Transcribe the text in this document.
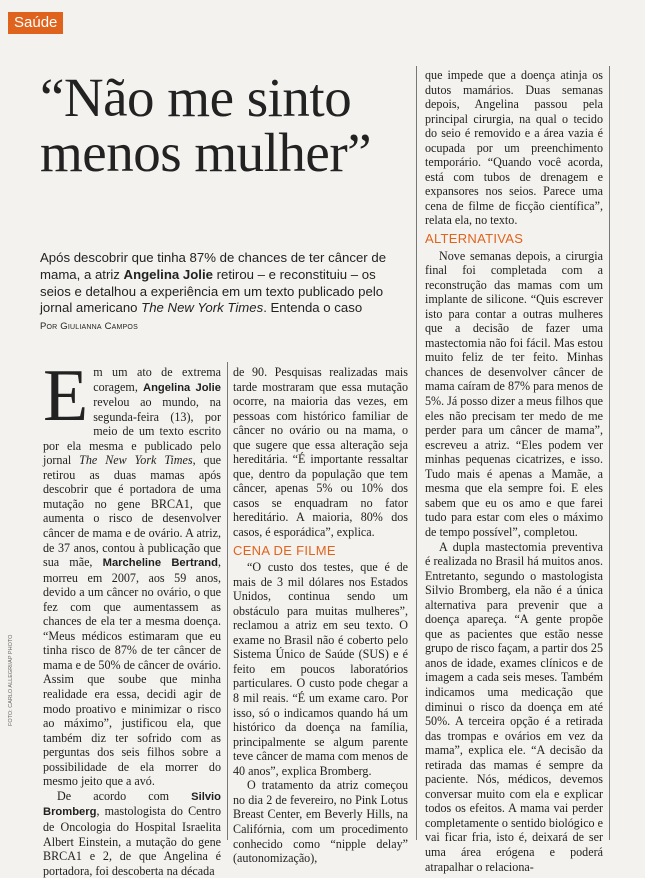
Saúde
“Não me sinto menos mulher”

Após descobrir que tinha 87% de chances de ter câncer de mama, a atriz Angelina Jolie retirou – e reconstituiu – os seios e detalhou a experiência em um texto publicado pelo jornal americano The New York Times. Entenda o caso
Por Giulianna Campos

Em um ato de extrema coragem, Angelina Jolie revelou ao mundo, na segunda-feira (13), por meio de um texto escrito por ela mesma e publicado pelo jornal The New York Times, que retirou as duas mamas após descobrir que é portadora de uma mutação no gene BRCA1, que aumenta o risco de desenvolver câncer de mama e de ovário. A atriz, de 37 anos, contou à publicação que sua mãe, Marcheline Bertrand, morreu em 2007, aos 59 anos, devido a um câncer no ovário, o que fez com que aumentassem as chances de ela ter a mesma doença. “Meus médicos estimaram que eu tinha risco de 87% de ter câncer de mama e de 50% de câncer de ovário. Assim que soube que minha realidade era essa, decidi agir de modo proativo e minimizar o risco ao máximo”, justificou ela, que também diz ter sofrido com as perguntas dos seis filhos sobre a possibilidade de ela morrer do mesmo jeito que a avó.

De acordo com Silvio Bromberg, mastologista do Centro de Oncologia do Hospital Israelita Albert Einstein, a mutação do gene BRCA1 e 2, de que Angelina é portadora, foi descoberta na década

de 90. Pesquisas realizadas mais tarde mostraram que essa mutação ocorre, na maioria das vezes, em pessoas com histórico familiar de câncer no ovário ou na mama, o que sugere que essa alteração seja hereditária. “É importante ressaltar que, dentro da população que tem câncer, apenas 5% ou 10% dos casos se enquadram no fator hereditário. A maioria, 80% dos casos, é esporádica”, explica.

CENA DE FILME

“O custo dos testes, que é de mais de 3 mil dólares nos Estados Unidos, continua sendo um obstáculo para muitas mulheres”, reclamou a atriz em seu texto. O exame no Brasil não é coberto pelo Sistema Único de Saúde (SUS) e é feito em poucos laboratórios particulares. O custo pode chegar a 8 mil reais. “É um exame caro. Por isso, só o indicamos quando há um histórico da doença na família, principalmente se algum parente teve câncer de mama com menos de 40 anos”, explica Bromberg.

O tratamento da atriz começou no dia 2 de fevereiro, no Pink Lotus Breast Center, em Beverly Hills, na Califórnia, com um procedimento conhecido como “nipple delay” (autonomização),

que impede que a doença atinja os dutos mamários. Duas semanas depois, Angelina passou pela principal cirurgia, na qual o tecido do seio é removido e a área vazia é ocupada por um preenchimento temporário. “Quando você acorda, está com tubos de drenagem e expansores nos seios. Parece uma cena de filme de ficção científica”, relata ela, no texto.

ALTERNATIVAS

Nove semanas depois, a cirurgia final foi completada com a reconstrução das mamas com um implante de silicone. “Quis escrever isto para contar a outras mulheres que a decisão de fazer uma mastectomia não foi fácil. Mas estou muito feliz de ter feito. Minhas chances de desenvolver câncer de mama caíram de 87% para menos de 5%. Já posso dizer a meus filhos que eles não precisam ter medo de me perder para um câncer de mama”, escreveu a atriz. “Eles podem ver minhas pequenas cicatrizes, e isso. Tudo mais é apenas a Mamãe, a mesma que ela sempre foi. E eles sabem que eu os amo e que farei tudo para estar com eles o máximo de tempo possível”, completou.

A dupla mastectomia preventiva é realizada no Brasil há muitos anos. Entretanto, segundo o mastologista Silvio Bromberg, ela não é a única alternativa para prevenir que a doença apareça. “A gente propõe que as pacientes que estão nesse grupo de risco façam, a partir dos 25 anos de idade, exames clínicos e de imagem a cada seis meses. Também indicamos uma medicação que diminui o risco da doença em até 50%. A terceira opção é a retirada das trompas e ovários em vez da mama”, explica ele. “A decisão da retirada das mamas é sempre da paciente. Nós, médicos, devemos conversar muito com ela e explicar todos os efeitos. A mama vai perder completamente o sentido biológico e vai ficar fria, isto é, deixará de ser uma área erógena e poderá atrapalhar o relaciona-

FOTO: CARLO ALLEGRI/AP PHOTO
